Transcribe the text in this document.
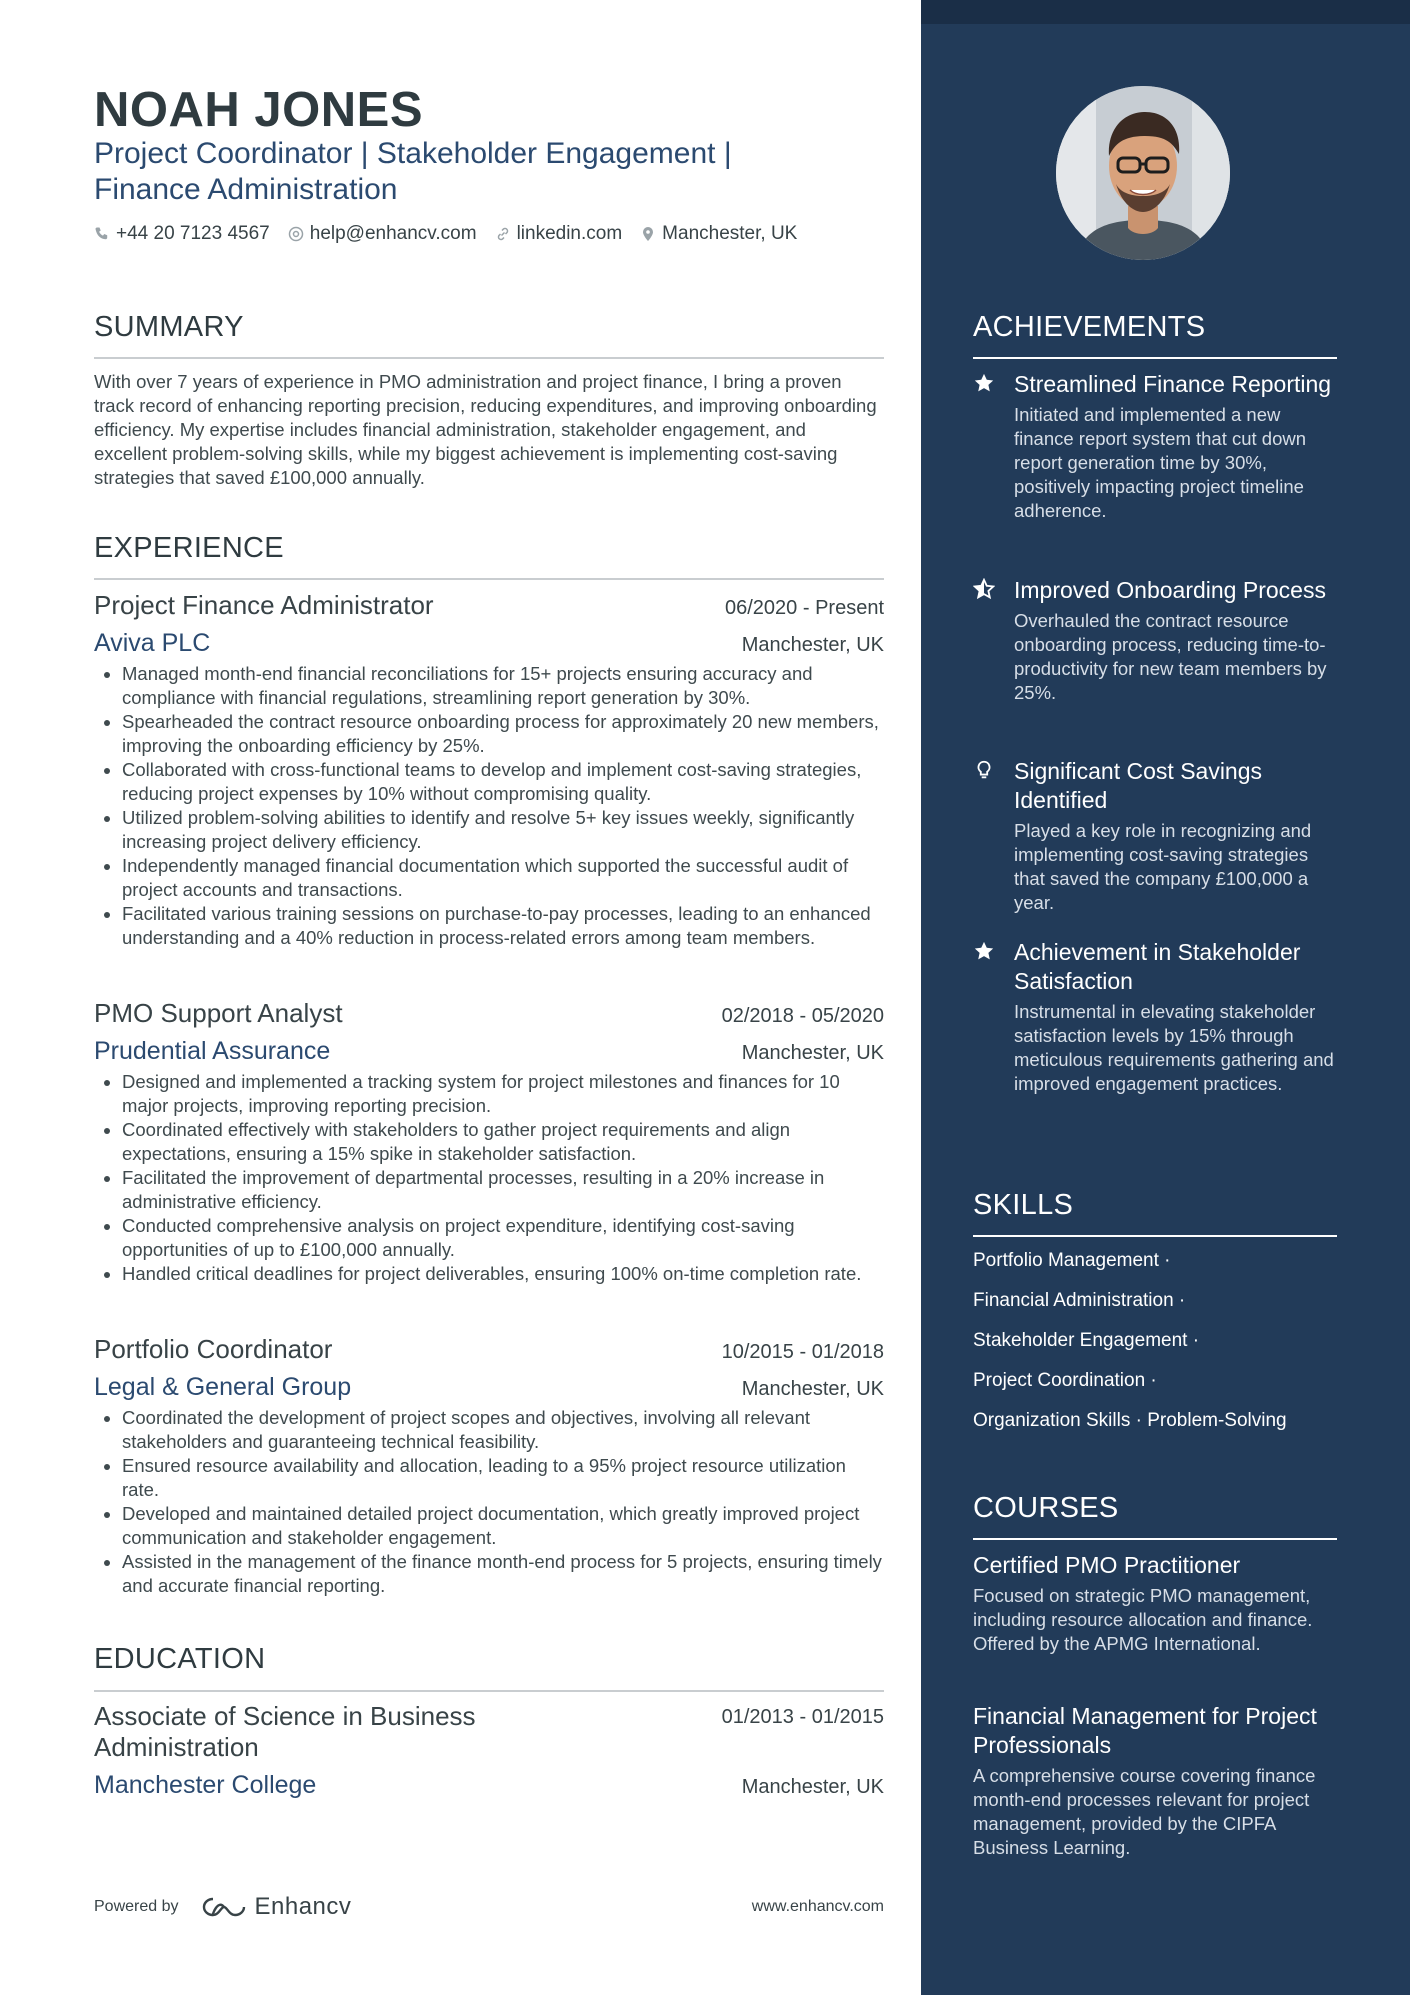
NOAH JONES
Project Coordinator | Stakeholder Engagement |
Finance Administration
+44 20 7123 4567 help@enhancv.com linkedin.com Manchester, UK
SUMMARY
With over 7 years of experience in PMO administration and project finance, I bring a proven track record of enhancing reporting precision, reducing expenditures, and improving onboarding efficiency. My expertise includes financial administration, stakeholder engagement, and excellent problem-solving skills, while my biggest achievement is implementing cost-saving strategies that saved £100,000 annually.
EXPERIENCE
Project Finance Administrator	06/2020 - Present
Aviva PLC	Manchester, UK
• Managed month-end financial reconciliations for 15+ projects ensuring accuracy and compliance with financial regulations, streamlining report generation by 30%.
• Spearheaded the contract resource onboarding process for approximately 20 new members, improving the onboarding efficiency by 25%.
• Collaborated with cross-functional teams to develop and implement cost-saving strategies, reducing project expenses by 10% without compromising quality.
• Utilized problem-solving abilities to identify and resolve 5+ key issues weekly, significantly increasing project delivery efficiency.
• Independently managed financial documentation which supported the successful audit of project accounts and transactions.
• Facilitated various training sessions on purchase-to-pay processes, leading to an enhanced understanding and a 40% reduction in process-related errors among team members.
PMO Support Analyst	02/2018 - 05/2020
Prudential Assurance	Manchester, UK
• Designed and implemented a tracking system for project milestones and finances for 10 major projects, improving reporting precision.
• Coordinated effectively with stakeholders to gather project requirements and align expectations, ensuring a 15% spike in stakeholder satisfaction.
• Facilitated the improvement of departmental processes, resulting in a 20% increase in administrative efficiency.
• Conducted comprehensive analysis on project expenditure, identifying cost-saving opportunities of up to £100,000 annually.
• Handled critical deadlines for project deliverables, ensuring 100% on-time completion rate.
Portfolio Coordinator	10/2015 - 01/2018
Legal & General Group	Manchester, UK
• Coordinated the development of project scopes and objectives, involving all relevant stakeholders and guaranteeing technical feasibility.
• Ensured resource availability and allocation, leading to a 95% project resource utilization rate.
• Developed and maintained detailed project documentation, which greatly improved project communication and stakeholder engagement.
• Assisted in the management of the finance month-end process for 5 projects, ensuring timely and accurate financial reporting.
EDUCATION
Associate of Science in Business
Administration
01/2013 - 01/2015
Manchester College	Manchester, UK
Powered by	Enhancv	www.enhancv.com
ACHIEVEMENTS
Streamlined Finance Reporting
Initiated and implemented a new finance report system that cut down report generation time by 30%, positively impacting project timeline adherence.
Improved Onboarding Process
Overhauled the contract resource onboarding process, reducing time-to-productivity for new team members by 25%.
Significant Cost Savings Identified
Played a key role in recognizing and implementing cost-saving strategies that saved the company £100,000 a year.
Achievement in Stakeholder Satisfaction
Instrumental in elevating stakeholder satisfaction levels by 15% through meticulous requirements gathering and improved engagement practices.
SKILLS
Portfolio Management ·
Financial Administration ·
Stakeholder Engagement ·
Project Coordination ·
Organization Skills · Problem-Solving
COURSES
Certified PMO Practitioner
Focused on strategic PMO management, including resource allocation and finance. Offered by the APMG International.
Financial Management for Project Professionals
A comprehensive course covering finance month-end processes relevant for project management, provided by the CIPFA Business Learning.
